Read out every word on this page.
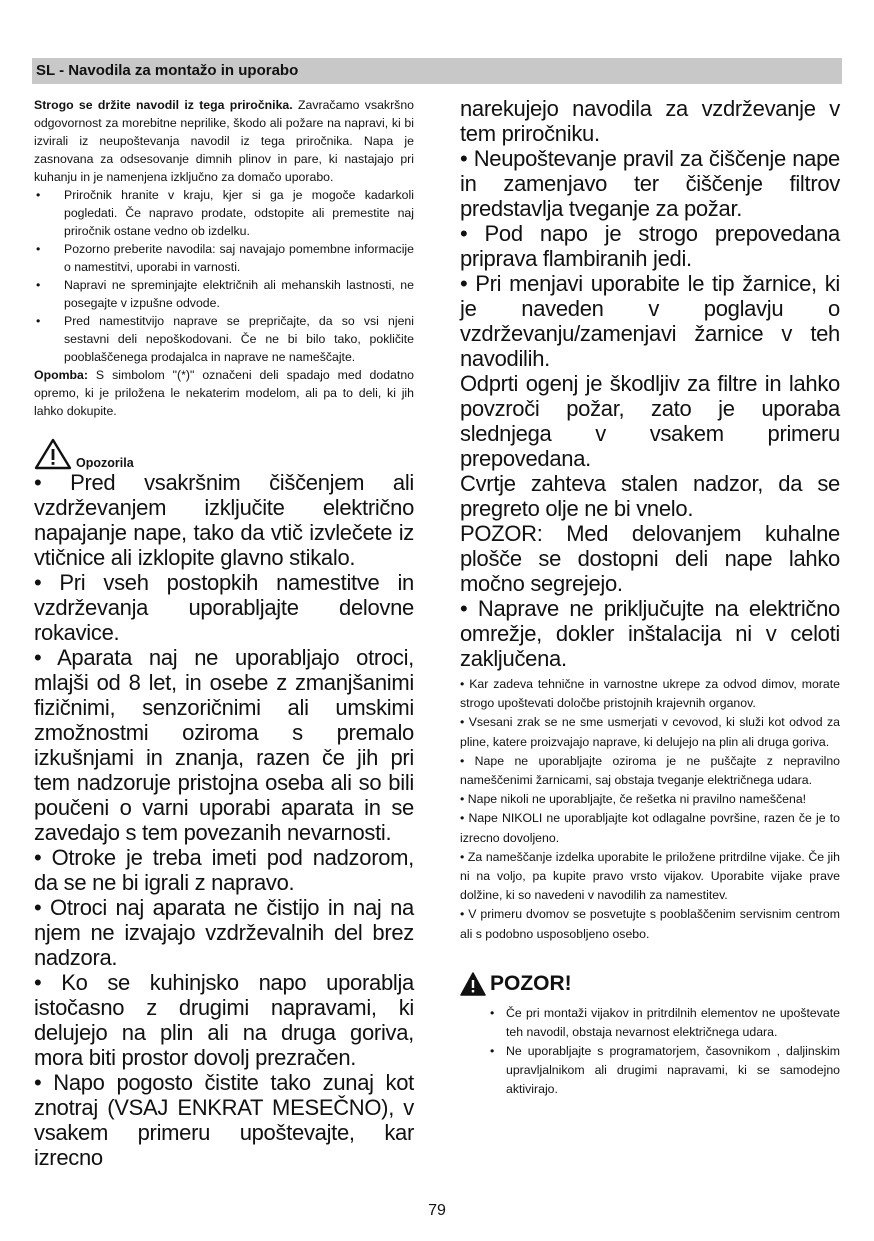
SL - Navodila za montažo in uporabo

Strogo se držite navodil iz tega priročnika. Zavračamo vsakršno odgovornost za morebitne neprilike, škodo ali požare na napravi, ki bi izvirali iz neupoštevanja navodil iz tega priročnika. Napa je zasnovana za odsesovanje dimnih plinov in pare, ki nastajajo pri kuhanju in je namenjena izključno za domačo uporabo.

• Priročnik hranite v kraju, kjer si ga je mogoče kadarkoli pogledati. Če napravo prodate, odstopite ali premestite naj priročnik ostane vedno ob izdelku.
• Pozorno preberite navodila: saj navajajo pomembne informacije o namestitvi, uporabi in varnosti.
• Napravi ne spreminjajte električnih ali mehanskih lastnosti, ne posegajte v izpušne odvode.
• Pred namestitvijo naprave se prepričajte, da so vsi njeni sestavni deli nepoškodovani. Če ne bi bilo tako, pokličite pooblaščenega prodajalca in naprave ne nameščajte.

Opomba: S simbolom "(*)" označeni deli spadajo med dodatno opremo, ki je priložena le nekaterim modelom, ali pa to deli, ki jih lahko dokupite.

Opozorila

• Pred vsakršnim čiščenjem ali vzdrževanjem izključite električno napajanje nape, tako da vtič izvlečete iz vtičnice ali izklopite glavno stikalo.

• Pri vseh postopkih namestitve in vzdrževanja uporabljajte delovne rokavice.

• Aparata naj ne uporabljajo otroci, mlajši od 8 let, in osebe z zmanjšanimi fizičnimi, senzoričnimi ali umskimi zmožnostmi oziroma s premalo izkušnjami in znanja, razen če jih pri tem nadzoruje pristojna oseba ali so bili poučeni o varni uporabi aparata in se zavedajo s tem povezanih nevarnosti.

• Otroke je treba imeti pod nadzorom, da se ne bi igrali z napravo.

• Otroci naj aparata ne čistijo in naj na njem ne izvajajo vzdrževalnih del brez nadzora.

• Ko se kuhinjsko napo uporablja istočasno z drugimi napravami, ki delujejo na plin ali na druga goriva, mora biti prostor dovolj prezračen.

• Napo pogosto čistite tako zunaj kot znotraj (VSAJ ENKRAT MESEČNO), v vsakem primeru upoštevajte, kar izrecno

narekujejo navodila za vzdrževanje v tem priročniku.

• Neupoštevanje pravil za čiščenje nape in zamenjavo ter čiščenje filtrov predstavlja tveganje za požar.

• Pod napo je strogo prepovedana priprava flambiranih jedi.

• Pri menjavi uporabite le tip žarnice, ki je naveden v poglavju o vzdrževanju/zamenjavi žarnice v teh navodilih.

Odprti ogenj je škodljiv za filtre in lahko povzroči požar, zato je uporaba slednjega v vsakem primeru prepovedana.

Cvrtje zahteva stalen nadzor, da se pregreto olje ne bi vnelo.

POZOR: Med delovanjem kuhalne plošče se dostopni deli nape lahko močno segrejejo.

• Naprave ne priključujte na električno omrežje, dokler inštalacija ni v celoti zaključena.

• Kar zadeva tehnične in varnostne ukrepe za odvod dimov, morate strogo upoštevati določbe pristojnih krajevnih organov.

• Vsesani zrak se ne sme usmerjati v cevovod, ki služi kot odvod za pline, katere proizvajajo naprave, ki delujejo na plin ali druga goriva.

• Nape ne uporabljajte oziroma je ne puščajte z nepravilno nameščenimi žarnicami, saj obstaja tveganje električnega udara.

• Nape nikoli ne uporabljajte, če rešetka ni pravilno nameščena!

• Nape NIKOLI ne uporabljajte kot odlagalne površine, razen če je to izrecno dovoljeno.

• Za nameščanje izdelka uporabite le priložene pritrdilne vijake. Če jih ni na voljo, pa kupite pravo vrsto vijakov. Uporabite vijake prave dolžine, ki so navedeni v navodilih za namestitev.

• V primeru dvomov se posvetujte s pooblaščenim servisnim centrom ali s podobno usposobljeno osebo.

POZOR!
• Če pri montaži vijakov in pritrdilnih elementov ne upoštevate teh navodil, obstaja nevarnost električnega udara.
• Ne uporabljajte s programatorjem, časovnikom , daljinskim upravljalnikom ali drugimi napravami, ki se samodejno aktivirajo.
79
